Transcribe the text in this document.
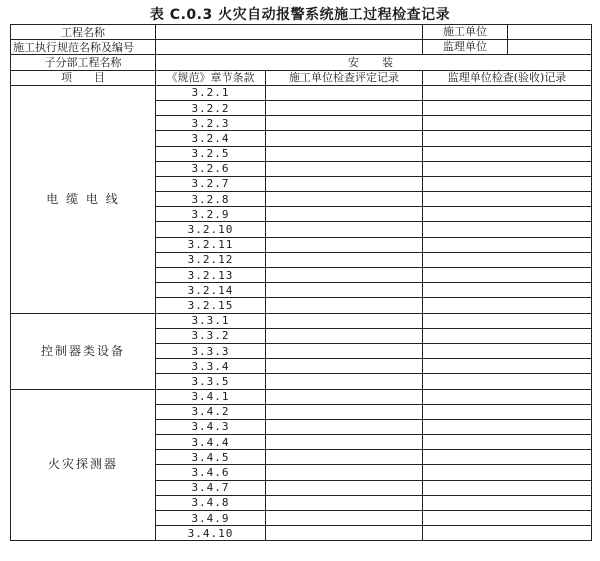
表 C.0.3 火灾自动报警系统施工过程检查记录
工程名称			施工单位

施工执行规范名称及编号			监理单位

子分部工程名称	安　装		
项　　目	《规范》章节条款	施工单位检查评定记录	监理单位检查(验收)记录
电 缆 电 线	3.2.1		
	3.2.2		
	3.2.3		
	3.2.4		
	3.2.5		
	3.2.6		
	3.2.7		
	3.2.8		
	3.2.9		
	3.2.10		
	3.2.11		
	3.2.12		
	3.2.13		
	3.2.14		
	3.2.15		
控制器类设备	3.3.1		
	3.3.2		
	3.3.3		
	3.3.4		
	3.3.5		
火灾探测器	3.4.1		
	3.4.2		
	3.4.3		
	3.4.4		
	3.4.5		
	3.4.6		
	3.4.7		
	3.4.8		
	3.4.9		
	3.4.10		
